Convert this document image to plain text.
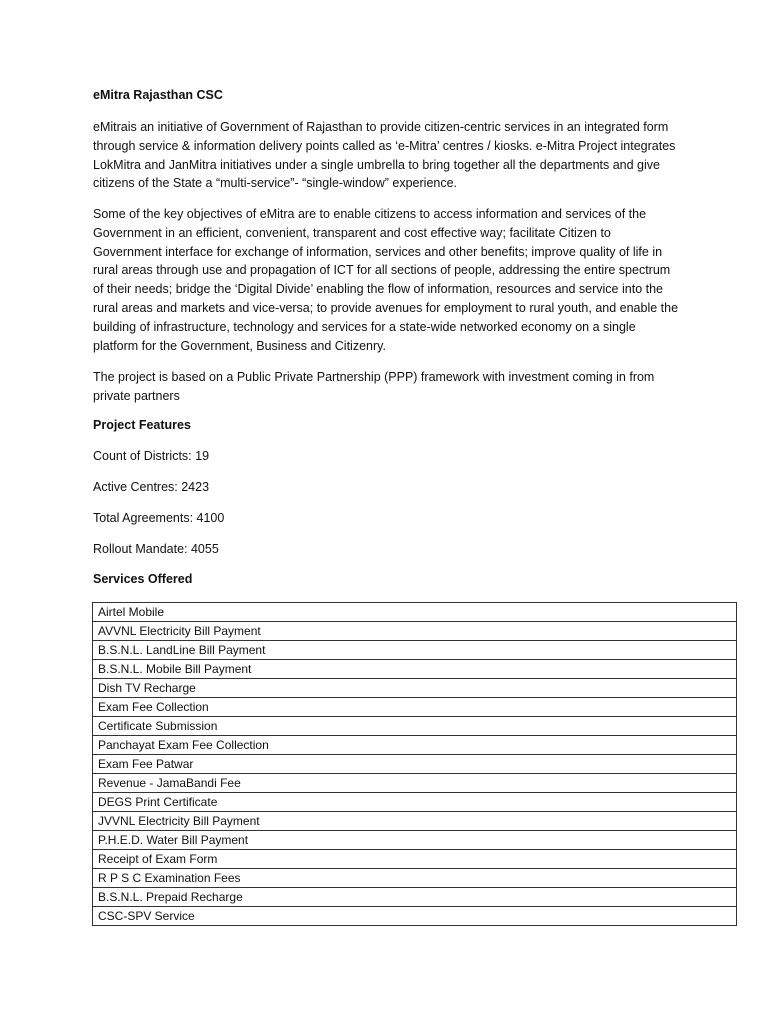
eMitra Rajasthan CSC

eMitrais an initiative of Government of Rajasthan to provide citizen-centric services in an integrated form through service & information delivery points called as ‘e-Mitra’ centres / kiosks. e-Mitra Project integrates LokMitra and JanMitra initiatives under a single umbrella to bring together all the departments and give citizens of the State a “multi-service”- “single-window” experience.

Some of the key objectives of eMitra are to enable citizens to access information and services of the Government in an efficient, convenient, transparent and cost effective way; facilitate Citizen to Government interface for exchange of information, services and other benefits; improve quality of life in rural areas through use and propagation of ICT for all sections of people, addressing the entire spectrum of their needs; bridge the ‘Digital Divide’ enabling the flow of information, resources and service into the rural areas and markets and vice-versa; to provide avenues for employment to rural youth, and enable the building of infrastructure, technology and services for a state-wide networked economy on a single platform for the Government, Business and Citizenry.

The project is based on a Public Private Partnership (PPP) framework with investment coming in from private partners

Project Features
Count of Districts: 19
Active Centres: 2423
Total Agreements: 4100
Rollout Mandate: 4055
Services Offered
Airtel Mobile
AVVNL Electricity Bill Payment
B.S.N.L. LandLine Bill Payment
B.S.N.L. Mobile Bill Payment
Dish TV Recharge
Exam Fee Collection
Certificate Submission
Panchayat Exam Fee Collection
Exam Fee Patwar
Revenue - JamaBandi Fee
DEGS Print Certificate
JVVNL Electricity Bill Payment
P.H.E.D. Water Bill Payment
Receipt of Exam Form
R P S C Examination Fees
B.S.N.L. Prepaid Recharge
CSC-SPV Service
